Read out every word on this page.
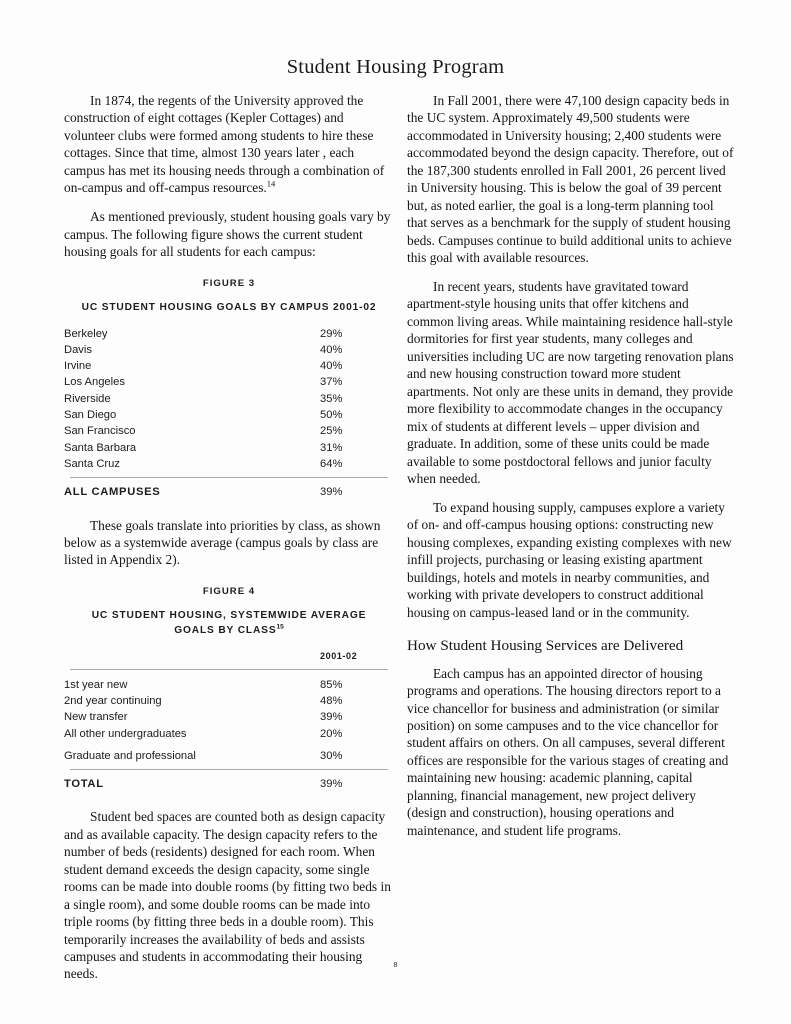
Student Housing Program

In 1874, the regents of the University approved the construction of eight cottages (Kepler Cottages) and volunteer clubs were formed among students to hire these cottages. Since that time, almost 130 years later , each campus has met its housing needs through a combination of on-campus and off-campus resources.$^{14}$

As mentioned previously, student housing goals vary by campus. The following figure shows the current student housing goals for all students for each campus:

FIGURE 3
UC STUDENT HOUSING GOALS BY CAMPUS 2001-02
Berkeley	29%
Davis	40%
Irvine	40%
Los Angeles	37%
Riverside	35%
San Diego	50%
San Francisco	25%
Santa Barbara	31%
Santa Cruz	64%
ALL CAMPUSES	39%

These goals translate into priorities by class, as shown below as a systemwide average (campus goals by class are listed in Appendix 2).

FIGURE 4
UC STUDENT HOUSING, SYSTEMWIDE AVERAGE
GOALS BY CLASS$^{15}$
	2001-02
1st year new	85%
2nd year continuing	48%
New transfer	39%
All other undergraduates	20%

Graduate and professional	30%
TOTAL	39%

Student bed spaces are counted both as design capacity and as available capacity. The design capacity refers to the number of beds (residents) designed for each room. When student demand exceeds the design capacity, some single rooms can be made into double rooms (by fitting two beds in a single room), and some double rooms can be made into triple rooms (by fitting three beds in a double room). This temporarily increases the availability of beds and assists campuses and students in accommodating their housing needs.

In Fall 2001, there were 47,100 design capacity beds in the UC system. Approximately 49,500 students were accommodated in University housing; 2,400 students were accommodated beyond the design capacity. Therefore, out of the 187,300 students enrolled in Fall 2001, 26 percent lived in University housing. This is below the goal of 39 percent but, as noted earlier, the goal is a long-term planning tool that serves as a benchmark for the supply of student housing beds. Campuses continue to build additional units to achieve this goal with available resources.

In recent years, students have gravitated toward apartment-style housing units that offer kitchens and common living areas. While maintaining residence hall-style dormitories for first year students, many colleges and universities including UC are now targeting renovation plans and new housing construction toward more student apartments. Not only are these units in demand, they provide more flexibility to accommodate changes in the occupancy mix of students at different levels – upper division and graduate. In addition, some of these units could be made available to some postdoctoral fellows and junior faculty when needed.

To expand housing supply, campuses explore a variety of on- and off-campus housing options: constructing new housing complexes, expanding existing complexes with new infill projects, purchasing or leasing existing apartment buildings, hotels and motels in nearby communities, and working with private developers to construct additional housing on campus-leased land or in the community.

How Student Housing Services are Delivered

Each campus has an appointed director of housing programs and operations. The housing directors report to a vice chancellor for business and administration (or similar position) on some campuses and to the vice chancellor for student affairs on others. On all campuses, several different offices are responsible for the various stages of creating and maintaining new housing: academic planning, capital planning, financial management, new project delivery (design and construction), housing operations and maintenance, and student life programs.

8
